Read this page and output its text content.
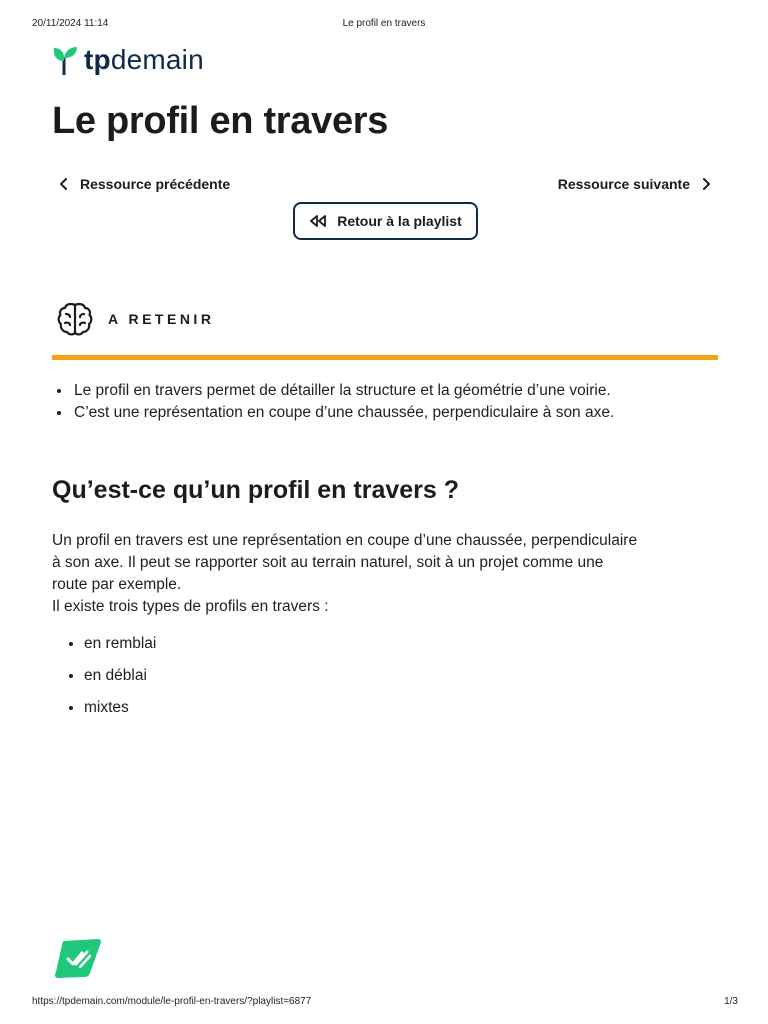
20/11/2024 11:14	Le profil en travers
tpdemain
Le profil en travers
Ressource précédente	Ressource suivante
Retour à la playlist
A RETENIR
• Le profil en travers permet de détailler la structure et la géométrie d’une voirie.
• C’est une représentation en coupe d’une chaussée, perpendiculaire à son axe.
Qu’est-ce qu’un profil en travers ?

Un profil en travers est une représentation en coupe d’une chaussée, perpendiculaire
à son axe. Il peut se rapporter soit au terrain naturel, soit à un projet comme une
route par exemple.
Il existe trois types de profils en travers :

• en remblai
• en déblai
• mixtes
https://tpdemain.com/module/le-profil-en-travers/?playlist=6877	1/3
